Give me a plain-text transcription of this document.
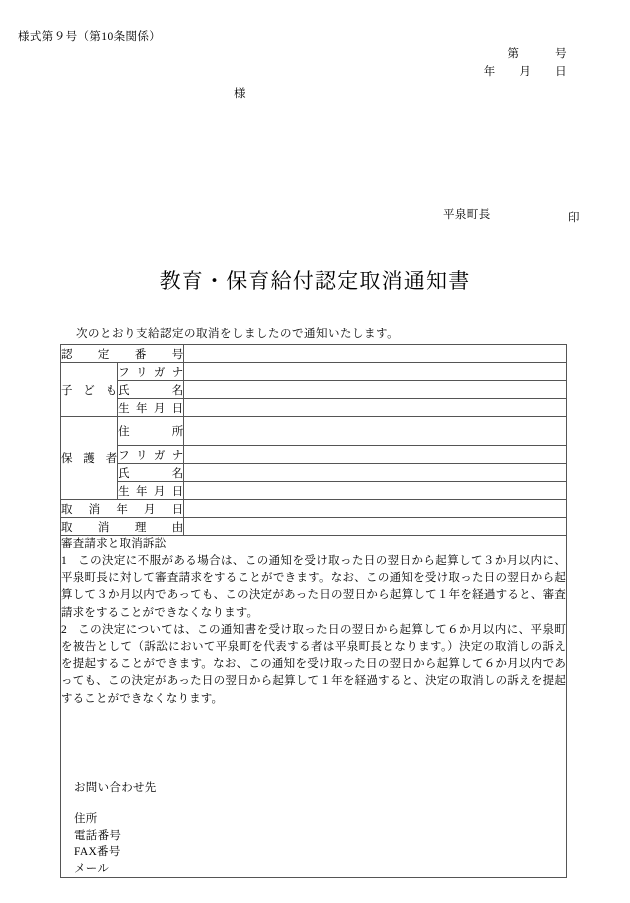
様式第９号（第10条関係）
第　　　号
年　　月　　日
様
平泉町長	印
教育・保育給付認定取消通知書
次のとおり支給認定の取消をしましたので通知いたします。
認 定 番 号		

子 ど も	フ リ ガ ナ	

	氏 名	

	生 年 月 日	

保 護 者	住 所	

	フ リ ガ ナ	

	氏 名	

	生 年 月 日	

取 消 年 月 日		

取 消 理 由		

審査請求と取消訴訟

1 この決定に不服がある場合は、この通知を受け取った日の翌日から起算して３か月以内に、平泉町長に対して審査請求をすることができます。なお、この通知を受け取った日の翌日から起算して３か月以内であっても、この決定があった日の翌日から起算して１年を経過すると、審査請求をすることができなくなります。

2 この決定については、この通知書を受け取った日の翌日から起算して６か月以内に、平泉町を被告として（訴訟において平泉町を代表する者は平泉町長となります。）決定の取消しの訴えを提起することができます。なお、この通知を受け取った日の翌日から起算して６か月以内であっても、この決定があった日の翌日から起算して１年を経過すると、決定の取消しの訴えを提起することができなくなります。

お問い合わせ先
住所
電話番号
FAX番号
メール
